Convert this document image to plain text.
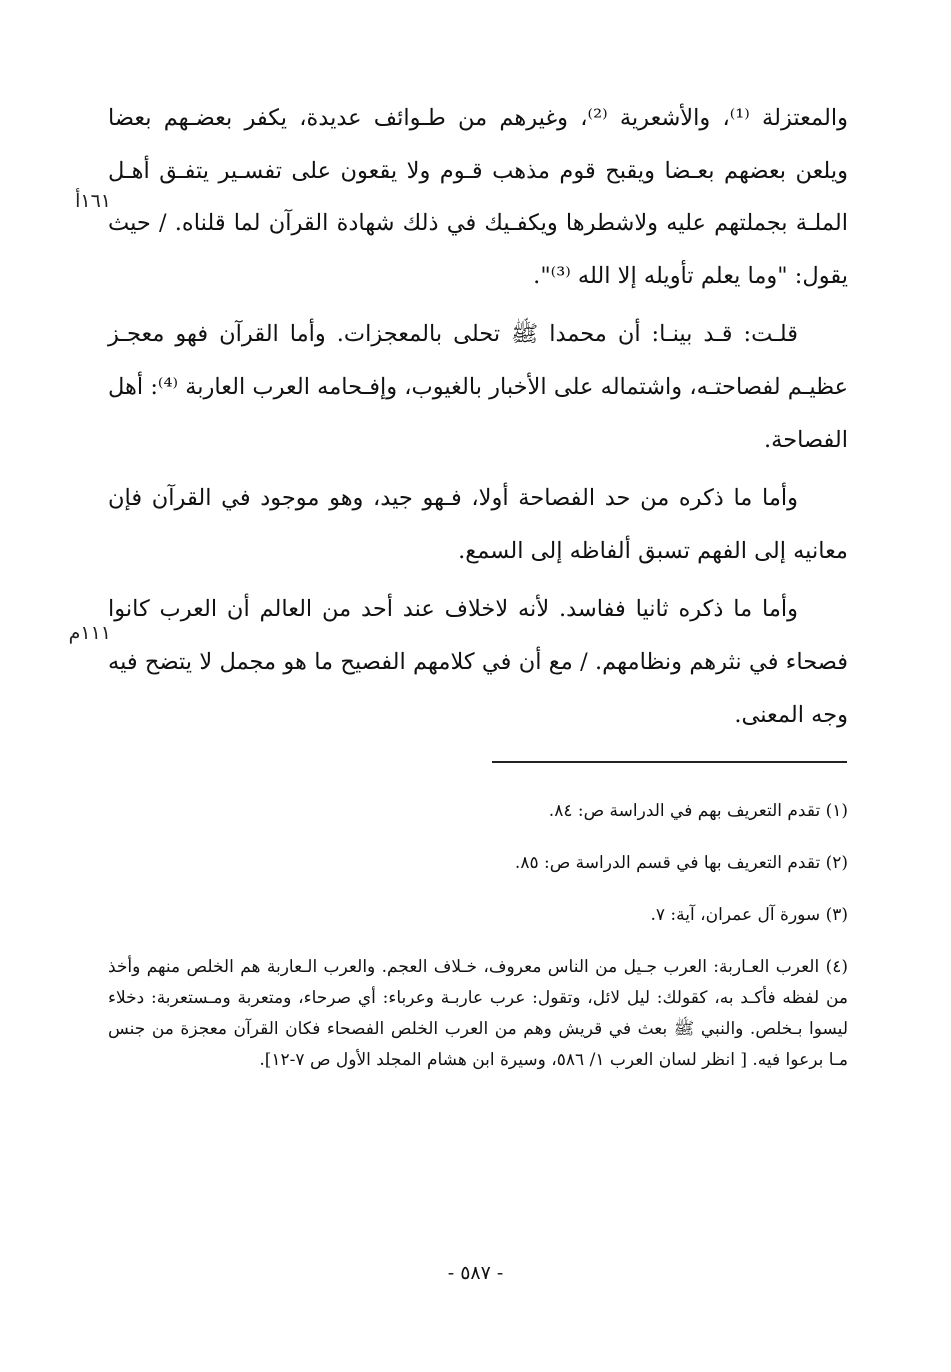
والمعتزلة ⁽¹⁾، والأشعرية ⁽²⁾، وغيرهم من طـوائف عديدة، يكفر بعضـهم بعضا ويلعن بعضهم بعـضا ويقبح قوم مذهب قـوم ولا يقعون على تفسـير يتفـق أهـل الملـة بجملتهم عليه ولاشطرها ويكفـيك في ذلك شهادة القرآن لما قلناه. / حيث يقول: "وما يعلم تأويله إلا الله ⁽³⁾".

قلـت: قـد بينـا: أن محمدا ﷺ تحلى بالمعجزات. وأما القرآن فهو معجـز عظيـم لفصاحتـه، واشتماله على الأخبار بالغيوب، وإفـحامه العرب العاربة ⁽⁴⁾: أهل الفصاحة.

وأما ما ذكره من حد الفصاحة أولا، فـهو جيد، وهو موجود في القرآن فإن معانيه إلى الفهم تسبق ألفاظه إلى السمع.

وأما ما ذكره ثانيا ففاسد. لأنه لاخلاف عند أحد من العالم أن العرب كانوا فصحاء في نثرهم ونظامهم. / مع أن في كلامهم الفصيح ما هو مجمل لا يتضح فيه وجه المعنى.

١٦١أ
١١١م

(١) تقدم التعريف بهم في الدراسة ص: ٨٤.

(٢) تقدم التعريف بها في قسم الدراسة ص: ٨٥.

(٣) سورة آل عمران، آية: ٧.

(٤) العرب العـاربة: العرب جـيل من الناس معروف، خـلاف العجم. والعرب الـعاربة هم الخلص منهم وأخذ من لفظه فأكـد به، كقولك: ليل لائل، وتقول: عرب عاربـة وعرباء: أي صرحاء، ومتعربة ومـستعربة: دخلاء ليسوا بـخلص. والنبي ﷺ بعث في قريش وهم من العرب الخلص الفصحاء فكان القرآن معجزة من جنس مـا برعوا فيه. [ انظر لسان العرب ١/ ٥٨٦، وسيرة ابن هشام المجلد الأول ص ٧-١٢].

- ٥٨٧ -
